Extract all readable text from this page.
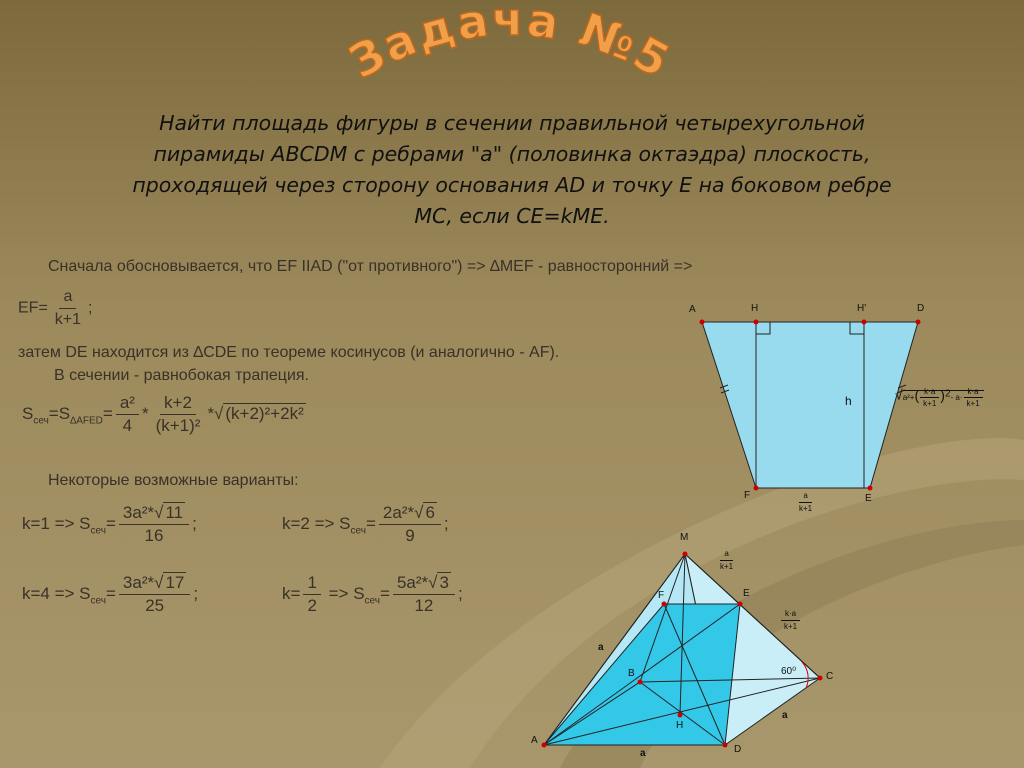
Задача №5
Найти площадь фигуры в сечении правильной четырехугольной
пирамиды ABCDM с ребрами "a" (половинка октаэдра) плоскость,
проходящей через сторону основания AD и точку E на боковом ребре
MC, если CE=kME.
Сначала обосновывается, что EF IIAD ("от противного") => ∆MEF - равносторонний =>
$EF= \frac{a}{k+1}$ ;
затем DE находится из ∆CDE по теореме косинусов (и аналогично - AF).
В сечении - равнобокая трапеция.
$S_{сеч}=S_{\Delta AFED}= \frac{\text{a²}}{4} * \frac{k+2}{\text{(k+1)²}}$ *√ (k+2)²+2k²
Некоторые возможные варианты:
$k=1 => S_{сеч}= \frac{\text{3a²*√ 11}}{16}$ ;	$k=2 => S_{сеч}= \frac{\text{2a²*√ 6}}{9}$ ;
$k=4 => S_{сеч}= \frac{\text{3a²*√ 17}}{25}$ ;	$k= \frac{1}{2} => S_{сеч}= \frac{\text{5a²*√ 3}}{12}$ ;
A	H	H'	D
F	E
h
$\frac{a}{k+1}$
$√a^2+( \frac{k\cdot a}{k+1} )^2-$ $a\cdot \frac{k\cdot a}{k+1}$
M
F	E
B	C
H
A
D
a
a
a
60⁰
$\frac{a}{k+1}$
$\frac{k\cdot a}{k+1}$
